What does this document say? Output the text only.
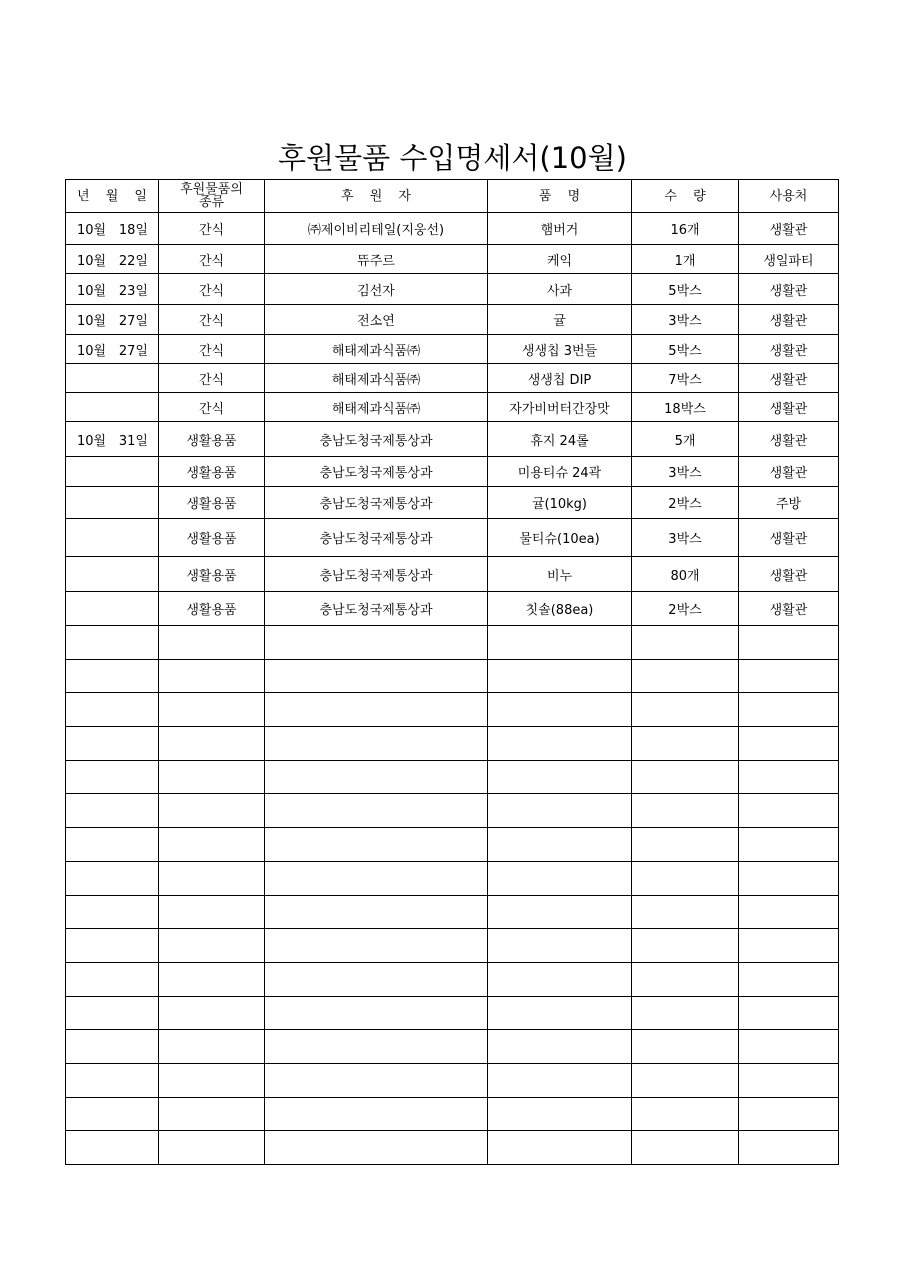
후원물품 수입명세서(10월)
년 월 일	후원물품의
종류	후 원 자	품 명	수 량	사용처

10월 18일	간식	㈜제이비리테일(지웅선)	햄버거	16개	생활관

10월 22일	간식	뜌주르	케익	1개	생일파티

10월 23일	간식	김선자	사과	5박스	생활관

10월 27일	간식	전소연	귤	3박스	생활관

10월 27일	간식	해태제과식품㈜	생생칩 3번들	5박스	생활관

	간식	해태제과식품㈜	생생칩 DIP	7박스	생활관

	간식	해태제과식품㈜	자가비버터간장맛	18박스	생활관

10월 31일	생활용품	충남도청국제통상과	휴지 24롤	5개	생활관

	생활용품	충남도청국제통상과	미용티슈 24곽	3박스	생활관

	생활용품	충남도청국제통상과	귤(10kg)	2박스	주방

	생활용품	충남도청국제통상과	물티슈(10ea)	3박스	생활관

	생활용품	충남도청국제통상과	비누	80개	생활관

	생활용품	충남도청국제통상과	칫솔(88ea)	2박스	생활관
